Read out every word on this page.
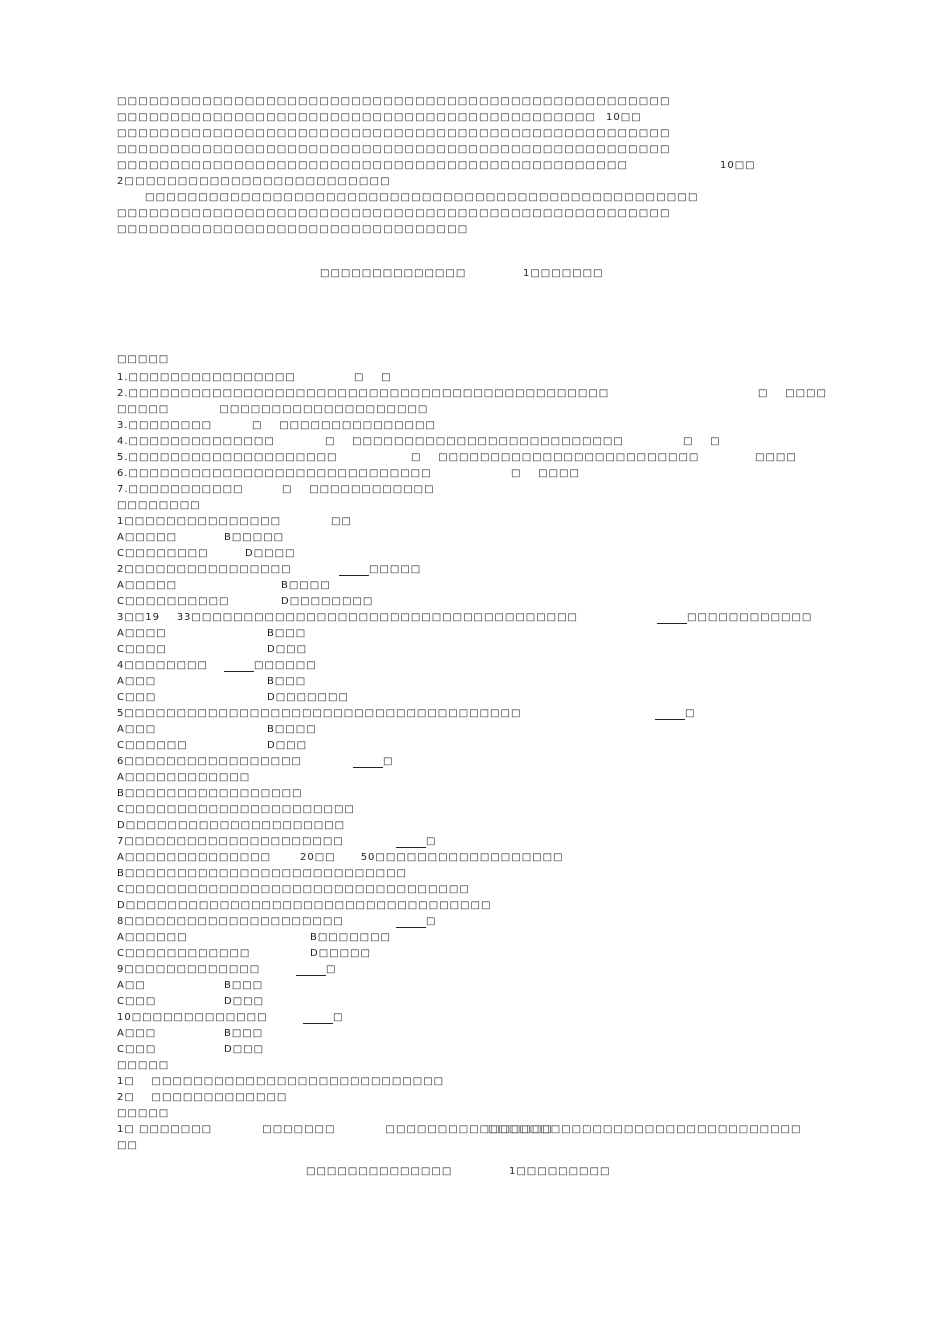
□□□□□□□□□□□□□□□□□□□□□□□□□□□□□□□□□□□□□□□□□□□□□□□□□□□□
□□□□□□□□□□□□□□□□□□□□□□□□□□□□□□□□□□□□□□□□□□□□□ 10□□
□□□□□□□□□□□□□□□□□□□□□□□□□□□□□□□□□□□□□□□□□□□□□□□□□□□□
□□□□□□□□□□□□□□□□□□□□□□□□□□□□□□□□□□□□□□□□□□□□□□□□□□□□
□□□□□□□□□□□□□□□□□□□□□□□□□□□□□□□□□□□□□□□□□□□□□□□□	10□□
2□□□□□□□□□□□□□□□□□□□□□□□□□
□□□□□□□□□□□□□□□□□□□□□□□□□□□□□□□□□□□□□□□□□□□□□□□□□□□□
□□□□□□□□□□□□□□□□□□□□□□□□□□□□□□□□□□□□□□□□□□□□□□□□□□□□
□□□□□□□□□□□□□□□□□□□□□□□□□□□□□□□□□
□□□□□□□□□□□□□□	1□□□□□□□
□□□□□
1.□□□□□□□□□□□□□□□□	□    □
2.□□□□□□□□□□□□□□□□□□□□□□□□□□□□□□□□□□□□□□□□□□□□□□	□    □□□□
□□□□□            □□□□□□□□□□□□□□□□□□□□
3.□□□□□□□□	□    □□□□□□□□□□□□□□□
4.□□□□□□□□□□□□□□	□    □□□□□□□□□□□□□□□□□□□□□□□□□□	□    □
5.□□□□□□□□□□□□□□□□□□□□	□    □□□□□□□□□□□□□□□□□□□□□□□□□	□□□□
6.□□□□□□□□□□□□□□□□□□□□□□□□□□□□□	□    □□□□
7.□□□□□□□□□□□	□    □□□□□□□□□□□□
□□□□□□□□
1□□□□□□□□□□□□□□□	□□
A□□□□□	B□□□□□
C□□□□□□□□	D□□□□
2□□□□□□□□□□□□□□□□	□□□□□
A□□□□□	B□□□□
C□□□□□□□□□□	D□□□□□□□□
3□□19    33□□□□□□□□□□□□□□□□□□□□□□□□□□□□□□□□□□□□□	□□□□□□□□□□□□
A□□□□	B□□□
C□□□□	D□□□
4□□□□□□□□	□□□□□□
A□□□	B□□□
C□□□	D□□□□□□□
5□□□□□□□□□□□□□□□□□□□□□□□□□□□□□□□□□□□□□□	□
A□□□	B□□□□
C□□□□□□	D□□□
6□□□□□□□□□□□□□□□□□	□
A□□□□□□□□□□□□
B□□□□□□□□□□□□□□□□□
C□□□□□□□□□□□□□□□□□□□□□□
D□□□□□□□□□□□□□□□□□□□□□
7□□□□□□□□□□□□□□□□□□□□□	□
A□□□□□□□□□□□□□□	20□□      50□□□□□□□□□□□□□□□□□□
B□□□□□□□□□□□□□□□□□□□□□□□□□□□
C□□□□□□□□□□□□□□□□□□□□□□□□□□□□□□□□□
D□□□□□□□□□□□□□□□□□□□□□□□□□□□□□□□□□□□
8□□□□□□□□□□□□□□□□□□□□□	□
A□□□□□□	B□□□□□□□
C□□□□□□□□□□□□	D□□□□□
9□□□□□□□□□□□□□	□
A□□	B□□□
C□□□	D□□□
10□□□□□□□□□□□□□	□
A□□□	B□□□
C□□□	D□□□
□□□□□
1□    □□□□□□□□□□□□□□□□□□□□□□□□□□□□
2□    □□□□□□□□□□□□□
□□□□□
1□ □□□□□□□            □□□□□□□            □□□□□□□□□□□□□□□□
□□□□□□□□□□□□□□□□□□□□□□□□□□□□□□
□□
□□□□□□□□□□□□□□	1□□□□□□□□□
